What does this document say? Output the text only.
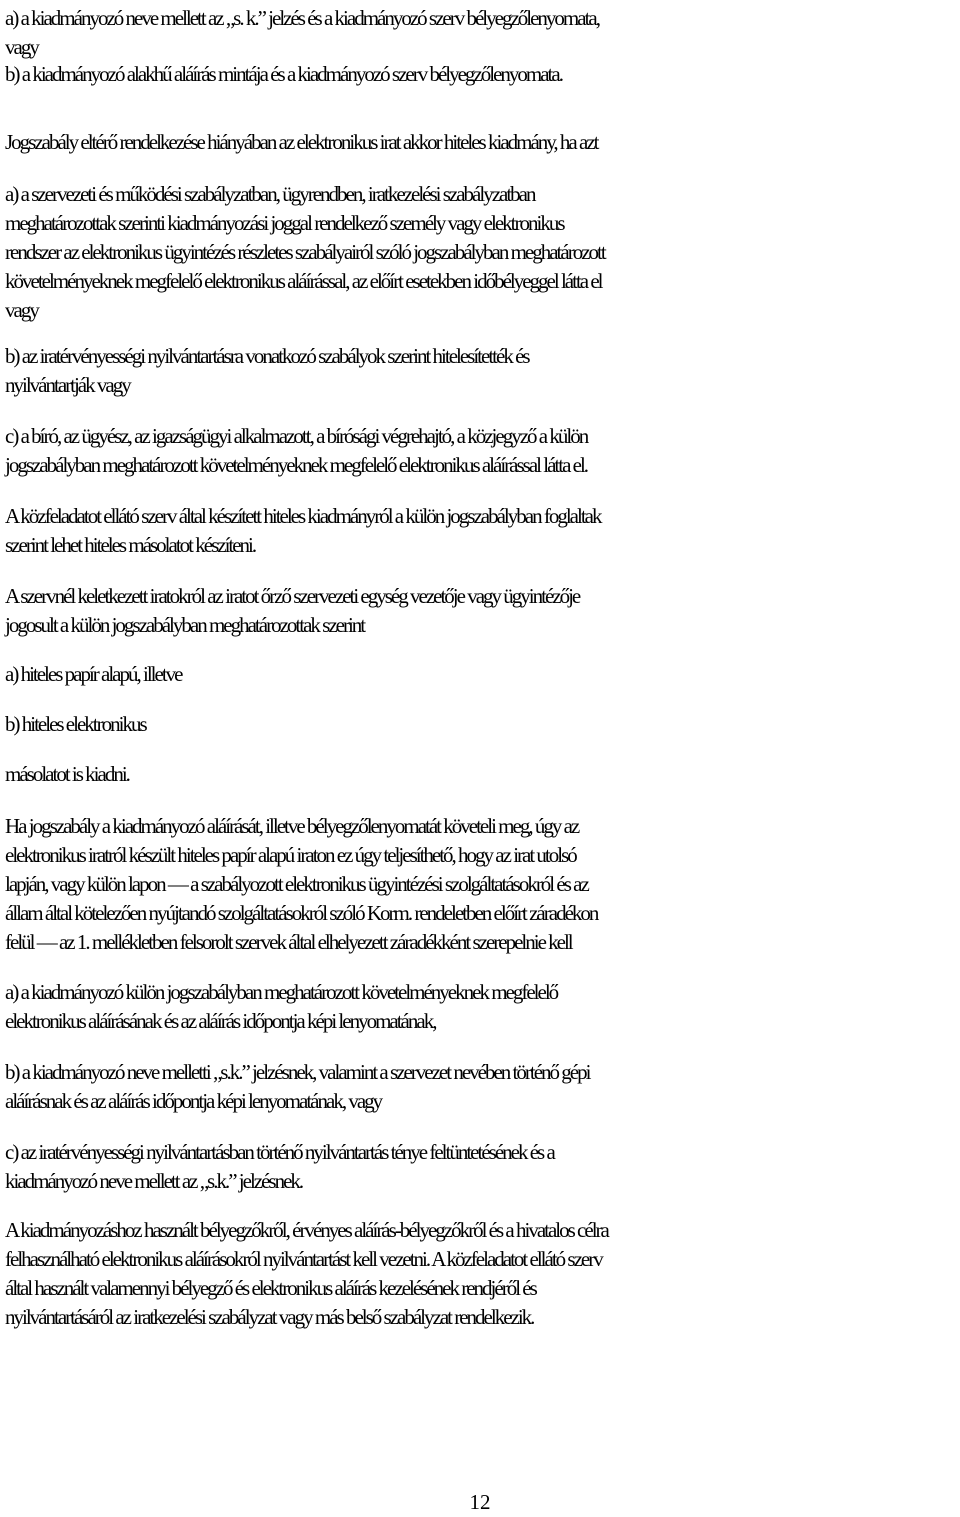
a) a kiadmányozó neve mellett az „s. k.” jelzés és a kiadmányozó szerv bélyegzőlenyomata,
vagy
b) a kiadmányozó alakhű aláírás mintája és a kiadmányozó szerv bélyegzőlenyomata.
Jogszabály eltérő rendelkezése hiányában az elektronikus irat akkor hiteles kiadmány, ha azt
a) a szervezeti és működési szabályzatban, ügyrendben, iratkezelési szabályzatban
meghatározottak szerinti kiadmányozási joggal rendelkező személy vagy elektronikus
rendszer az elektronikus ügyintézés részletes szabályairól szóló jogszabályban meghatározott
követelményeknek megfelelő elektronikus aláírással, az előírt esetekben időbélyeggel látta el
vagy
b) az iratérvényességi nyilvántartásra vonatkozó szabályok szerint hitelesítették és
nyilvántartják vagy
c) a bíró, az ügyész, az igazságügyi alkalmazott, a bírósági végrehajtó, a közjegyző a külön
jogszabályban meghatározott követelményeknek megfelelő elektronikus aláírással látta el.
A közfeladatot ellátó szerv által készített hiteles kiadmányról a külön jogszabályban foglaltak
szerint lehet hiteles másolatot készíteni.
A szervnél keletkezett iratokról az iratot őrző szervezeti egység vezetője vagy ügyintézője
jogosult a külön jogszabályban meghatározottak szerint
a) hiteles papír alapú, illetve
b) hiteles elektronikus
másolatot is kiadni.
Ha jogszabály a kiadmányozó aláírását, illetve bélyegzőlenyomatát követeli meg, úgy az
elektronikus iratról készült hiteles papír alapú iraton ez úgy teljesíthető, hogy az irat utolsó
lapján, vagy külön lapon ― a szabályozott elektronikus ügyintézési szolgáltatásokról és az
állam által kötelezően nyújtandó szolgáltatásokról szóló Korm. rendeletben előírt záradékon
felül ― az 1. mellékletben felsorolt szervek által elhelyezett záradékként szerepelnie kell
a) a kiadmányozó külön jogszabályban meghatározott követelményeknek megfelelő
elektronikus aláírásának és az aláírás időpontja képi lenyomatának,
b) a kiadmányozó neve melletti „s.k.” jelzésnek, valamint a szervezet nevében történő gépi
aláírásnak és az aláírás időpontja képi lenyomatának, vagy
c) az iratérvényességi nyilvántartásban történő nyilvántartás ténye feltüntetésének és a
kiadmányozó neve mellett az „s.k.” jelzésnek.
A kiadmányozáshoz használt bélyegzőkről, érvényes aláírás-bélyegzőkről és a hivatalos célra
felhasználható elektronikus aláírásokról nyilvántartást kell vezetni. A közfeladatot ellátó szerv
által használt valamennyi bélyegző és elektronikus aláírás kezelésének rendjéről és
nyilvántartásáról az iratkezelési szabályzat vagy más belső szabályzat rendelkezik.
12
